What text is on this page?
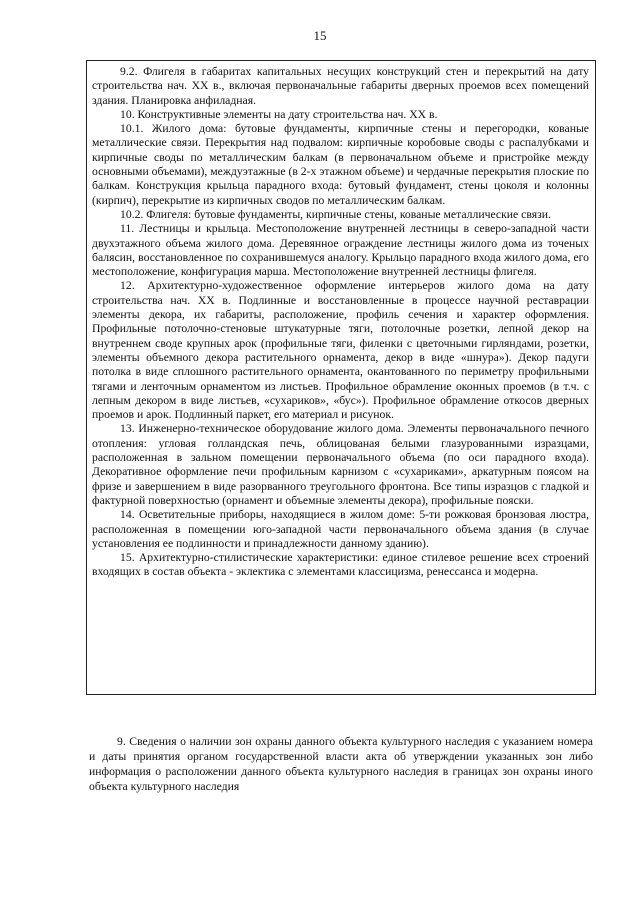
15

9.2. Флигеля в габаритах капитальных несущих конструкций стен и перекрытий на дату строительства нач. XX в., включая первоначальные габариты дверных проемов всех помещений здания. Планировка анфиладная.

10. Конструктивные элементы на дату строительства нач. XX в.

10.1. Жилого дома: бутовые фундаменты, кирпичные стены и перегородки, кованые металлические связи. Перекрытия над подвалом: кирпичные коробовые своды с распалубками и кирпичные своды по металлическим балкам (в первоначальном объеме и пристройке между основными объемами), междуэтажные (в 2-х этажном объеме) и чердачные перекрытия плоские по балкам. Конструкция крыльца парадного входа: бутовый фундамент, стены цоколя и колонны (кирпич), перекрытие из кирпичных сводов по металлическим балкам.

10.2. Флигеля: бутовые фундаменты, кирпичные стены, кованые металлические связи.

11. Лестницы и крыльца. Местоположение внутренней лестницы в северо-западной части двухэтажного объема жилого дома. Деревянное ограждение лестницы жилого дома из точеных балясин, восстановленное по сохранившемуся аналогу. Крыльцо парадного входа жилого дома, его местоположение, конфигурация марша. Местоположение внутренней лестницы флигеля.

12. Архитектурно-художественное оформление интерьеров жилого дома на дату строительства нач. XX в. Подлинные и восстановленные в процессе научной реставрации элементы декора, их габариты, расположение, профиль сечения и характер оформления. Профильные потолочно-стеновые штукатурные тяги, потолочные розетки, лепной декор на внутреннем своде крупных арок (профильные тяги, филенки с цветочными гирляндами, розетки, элементы объемного декора растительного орнамента, декор в виде «шнура»). Декор падуги потолка в виде сплошного растительного орнамента, окантованного по периметру профильными тягами и ленточным орнаментом из листьев. Профильное обрамление оконных проемов (в т.ч. с лепным декором в виде листьев, «сухариков», «бус»). Профильное обрамление откосов дверных проемов и арок. Подлинный паркет, его материал и рисунок.

13. Инженерно-техническое оборудование жилого дома. Элементы первоначального печного отопления: угловая голландская печь, облицованая белыми глазурованными изразцами, расположенная в зальном помещении первоначального объема (по оси парадного входа). Декоративное оформление печи профильным карнизом с «сухариками», аркатурным поясом на фризе и завершением в виде разорванного треугольного фронтона. Все типы изразцов с гладкой и фактурной поверхностью (орнамент и объемные элементы декора), профильные пояски.

14. Осветительные приборы, находящиеся в жилом доме: 5-ти рожковая бронзовая люстра, расположенная в помещении юго-западной части первоначального объема здания (в случае установления ее подлинности и принадлежности данному зданию).

15. Архитектурно-стилистические характеристики: единое стилевое решение всех строений входящих в состав объекта - эклектика с элементами классицизма, ренессанса и модерна.

9. Сведения о наличии зон охраны данного объекта культурного наследия с указанием номера и даты принятия органом государственной власти акта об утверждении указанных зон либо информация о расположении данного объекта культурного наследия в границах зон охраны иного объекта культурного наследия
